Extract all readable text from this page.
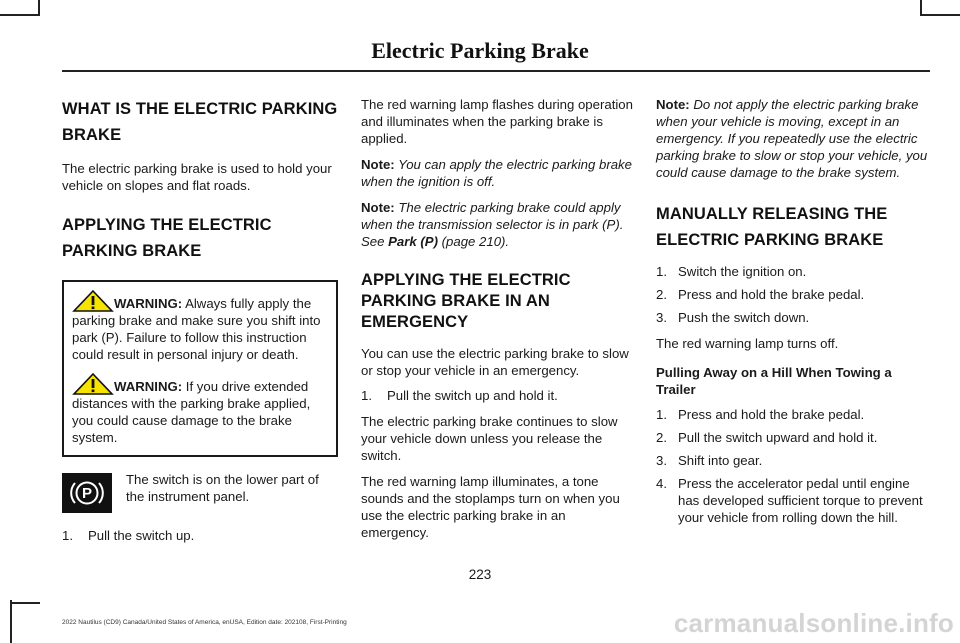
Electric Parking Brake
WHAT IS THE ELECTRIC PARKING BRAKE

The electric parking brake is used to hold your vehicle on slopes and flat roads.

APPLYING THE ELECTRIC PARKING BRAKE
WARNING: Always fully apply the parking brake and make sure you shift into park (P). Failure to follow this instruction could result in personal injury or death.
WARNING: If you drive extended distances with the parking brake applied, you could cause damage to the brake system.
P
The switch is on the lower part of the instrument panel.
1.	Pull the switch up.

The red warning lamp flashes during operation and illuminates when the parking brake is applied.

Note: You can apply the electric parking brake when the ignition is off.

Note: The electric parking brake could apply when the transmission selector is in park (P). See Park (P) (page 210).

APPLYING THE ELECTRIC PARKING BRAKE IN AN EMERGENCY

You can use the electric parking brake to slow or stop your vehicle in an emergency.

1.	Pull the switch up and hold it.

The electric parking brake continues to slow your vehicle down unless you release the switch.

The red warning lamp illuminates, a tone sounds and the stoplamps turn on when you use the electric parking brake in an emergency.

Note: Do not apply the electric parking brake when your vehicle is moving, except in an emergency. If you repeatedly use the electric parking brake to slow or stop your vehicle, you could cause damage to the brake system.

MANUALLY RELEASING THE ELECTRIC PARKING BRAKE
1. Switch the ignition on.
2. Press and hold the brake pedal.
3. Push the switch down.

The red warning lamp turns off.

Pulling Away on a Hill When Towing a Trailer
1. Press and hold the brake pedal.
2. Pull the switch upward and hold it.
3. Shift into gear.
4. Press the accelerator pedal until engine has developed sufficient torque to prevent your vehicle from rolling down the hill.
223
2022 Nautilus (CD9) Canada/United States of America, enUSA, Edition date: 202108, First-Printing	carmanualsonline.info
